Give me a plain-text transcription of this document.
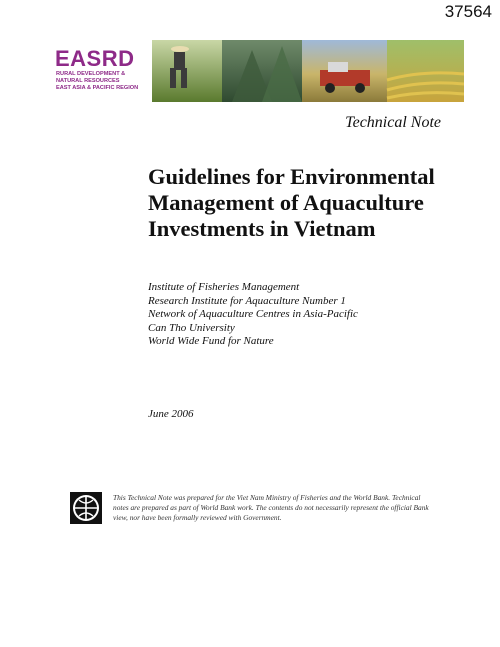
37564
EASRD
RURAL DEVELOPMENT &
NATURAL RESOURCES
EAST ASIA & PACIFIC REGION
Technical Note
Guidelines for Environmental
Management of Aquaculture
Investments in Vietnam
Institute of Fisheries Management
Research Institute for Aquaculture Number 1
Network of Aquaculture Centres in Asia-Pacific
Can Tho University
World Wide Fund for Nature
June 2006
This Technical Note was prepared for the Viet Nam Ministry of Fisheries and the World Bank. Technical notes are prepared as part of World Bank work. The contents do not necessarily represent the official Bank view, nor have been formally reviewed with Government.
